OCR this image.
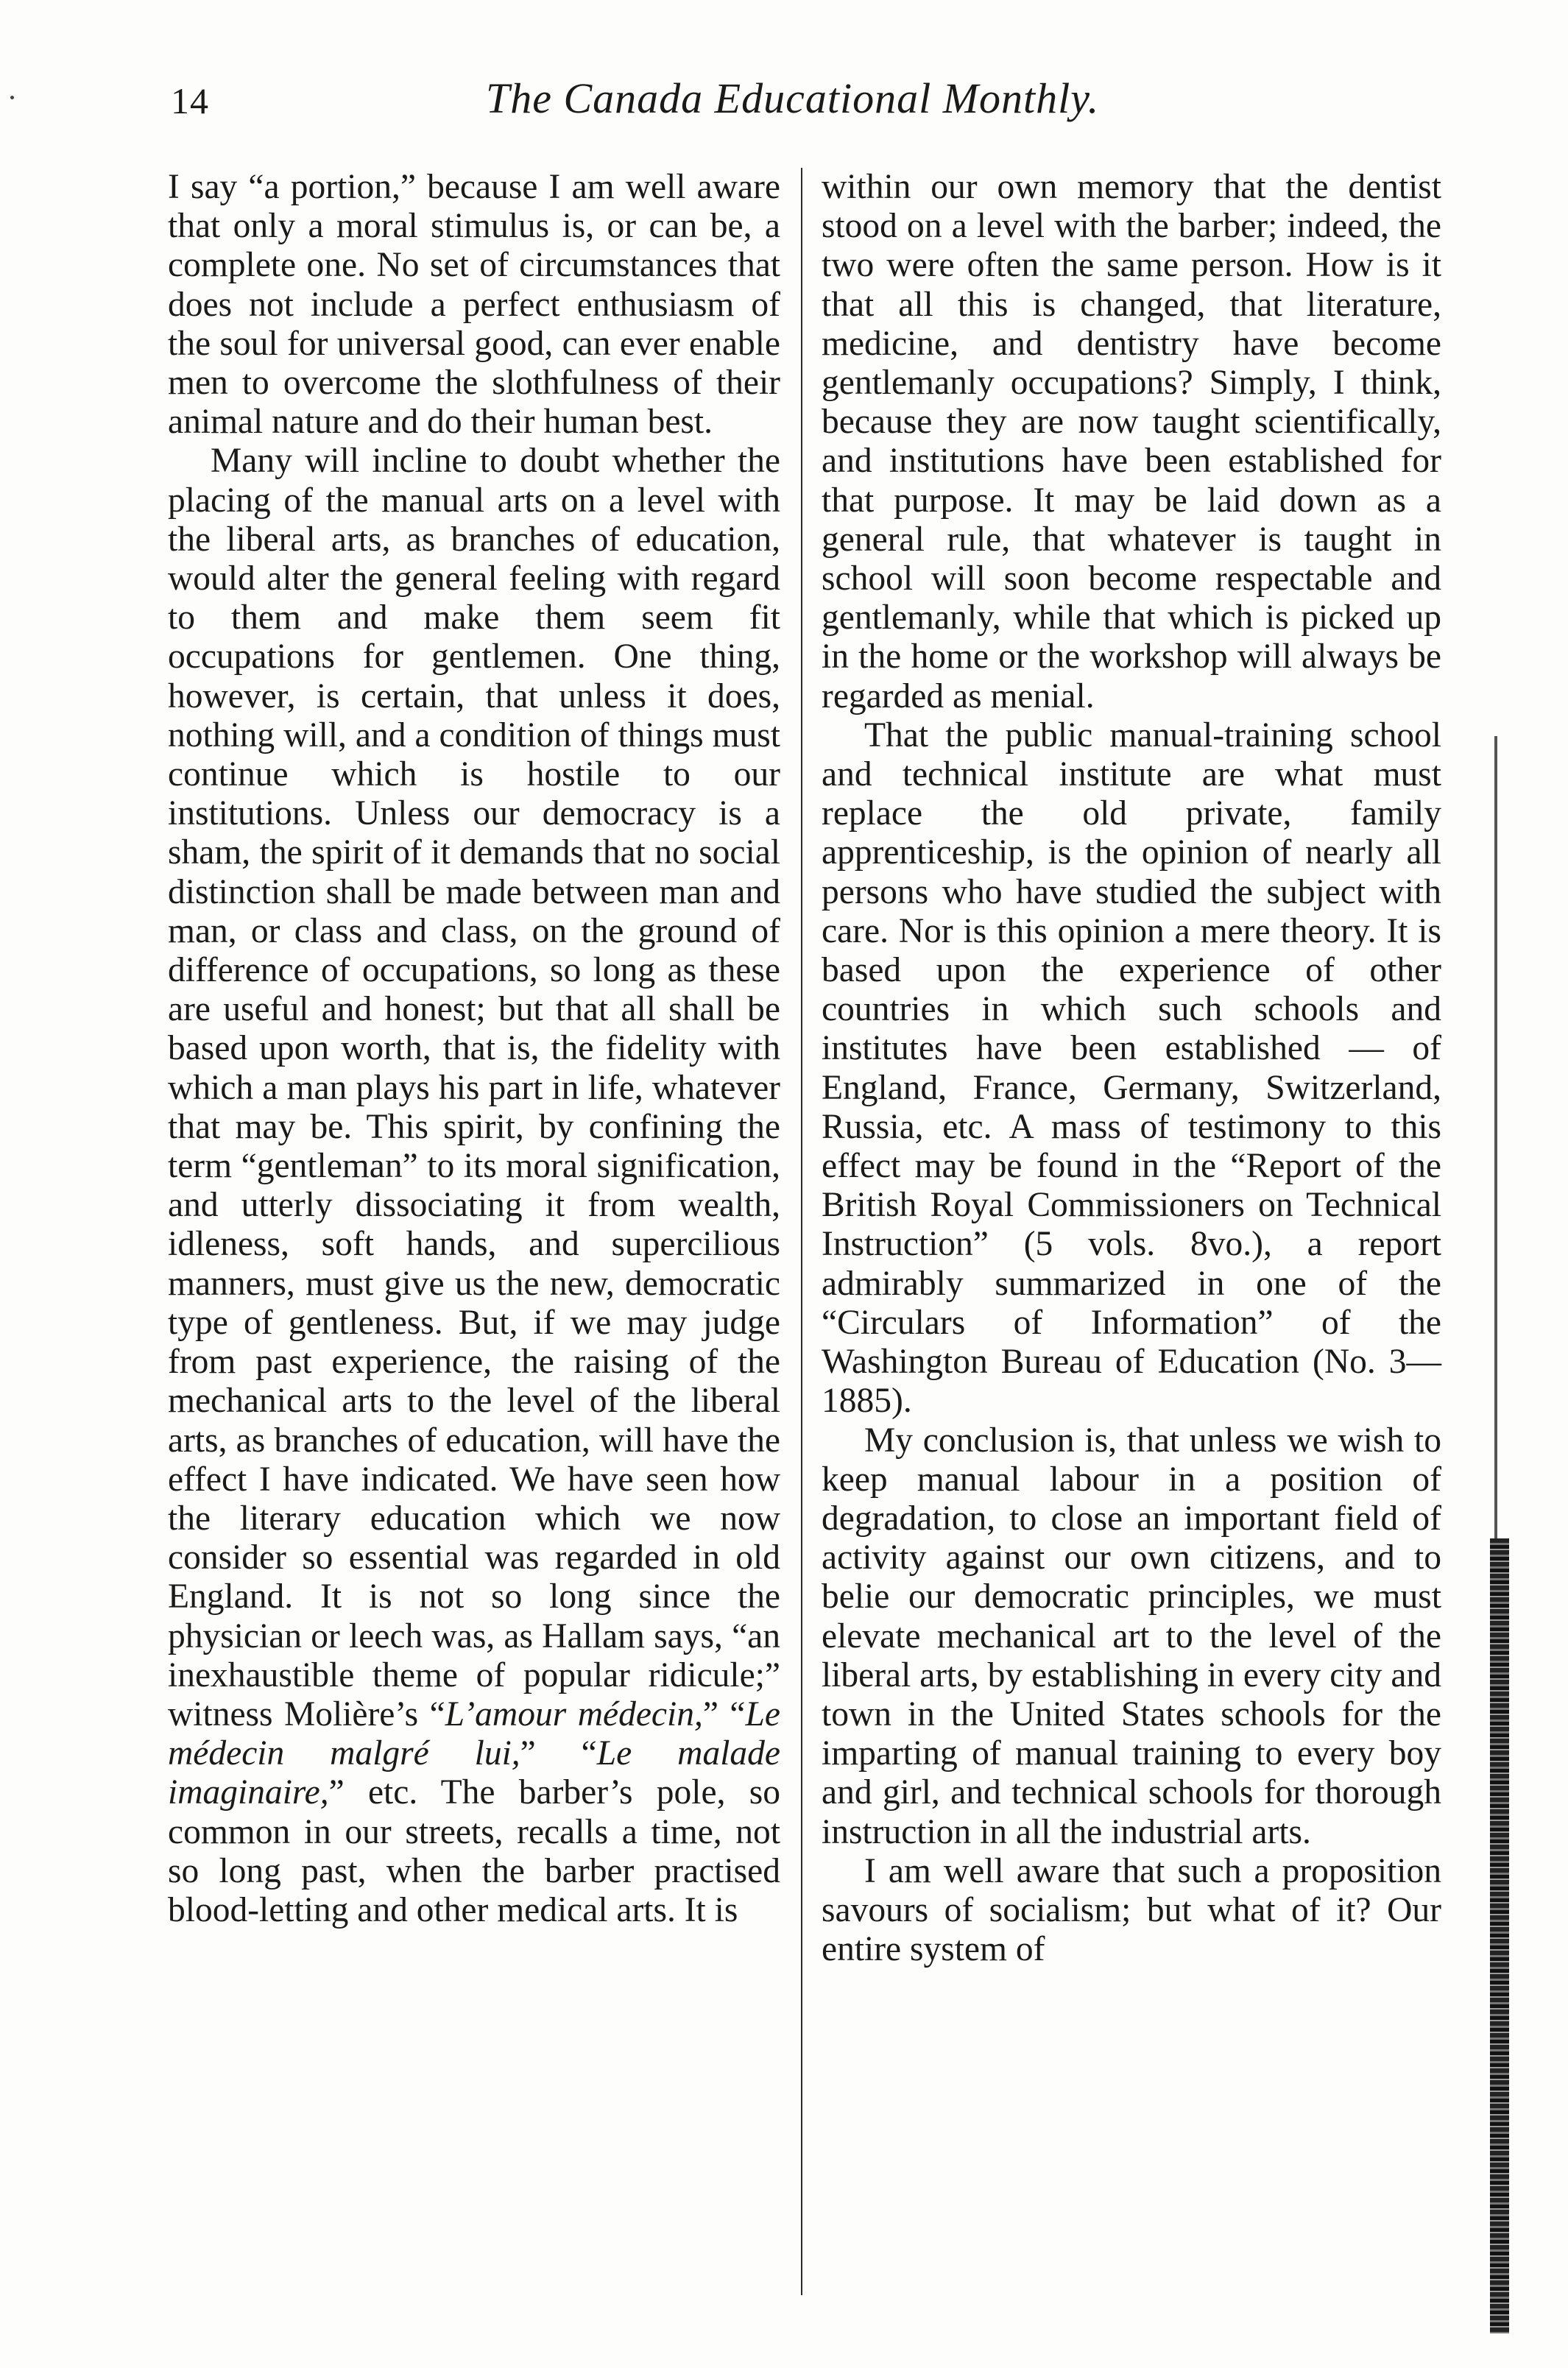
14	The Canada Educational Monthly.

I say “a portion,” because I am well aware that only a moral stimulus is, or can be, a complete one. No set of circumstances that does not include a perfect enthusiasm of the soul for universal good, can ever enable men to overcome the slothfulness of their animal nature and do their human best.

Many will incline to doubt whether the placing of the manual arts on a level with the liberal arts, as branches of education, would alter the general feeling with regard to them and make them seem fit occupations for gentlemen. One thing, however, is certain, that unless it does, nothing will, and a condition of things must continue which is hostile to our institutions. Unless our democracy is a sham, the spirit of it demands that no social distinction shall be made between man and man, or class and class, on the ground of difference of occupations, so long as these are useful and honest; but that all shall be based upon worth, that is, the fidelity with which a man plays his part in life, whatever that may be. This spirit, by confining the term “gentleman” to its moral signification, and utterly dissociating it from wealth, idleness, soft hands, and supercilious manners, must give us the new, democratic type of gentleness. But, if we may judge from past experience, the raising of the mechanical arts to the level of the liberal arts, as branches of education, will have the effect I have indicated. We have seen how the literary education which we now consider so essential was regarded in old England. It is not so long since the physician or leech was, as Hallam says, “an inexhaustible theme of popular ridicule;” witness Molière’s “L’amour médecin,” “Le médecin malgré lui,” “Le malade imaginaire,” etc. The barber’s pole, so common in our streets, recalls a time, not so long past, when the barber practised blood-letting and other medical arts. It is

within our own memory that the dentist stood on a level with the barber; indeed, the two were often the same person. How is it that all this is changed, that literature, medicine, and dentistry have become gentlemanly occupations? Simply, I think, because they are now taught scientifically, and institutions have been established for that purpose. It may be laid down as a general rule, that whatever is taught in school will soon become respectable and gentlemanly, while that which is picked up in the home or the workshop will always be regarded as menial.

That the public manual-training school and technical institute are what must replace the old private, family apprenticeship, is the opinion of nearly all persons who have studied the subject with care. Nor is this opinion a mere theory. It is based upon the experience of other countries in which such schools and institutes have been established — of England, France, Germany, Switzerland, Russia, etc. A mass of testimony to this effect may be found in the “Report of the British Royal Commissioners on Technical Instruction” (5 vols. 8vo.), a report admirably summarized in one of the “Circulars of Information” of the Washington Bureau of Education (No. 3—1885).

My conclusion is, that unless we wish to keep manual labour in a position of degradation, to close an important field of activity against our own citizens, and to belie our democratic principles, we must elevate mechanical art to the level of the liberal arts, by establishing in every city and town in the United States schools for the imparting of manual training to every boy and girl, and technical schools for thorough instruction in all the industrial arts.

I am well aware that such a proposition savours of socialism; but what of it? Our entire system of
